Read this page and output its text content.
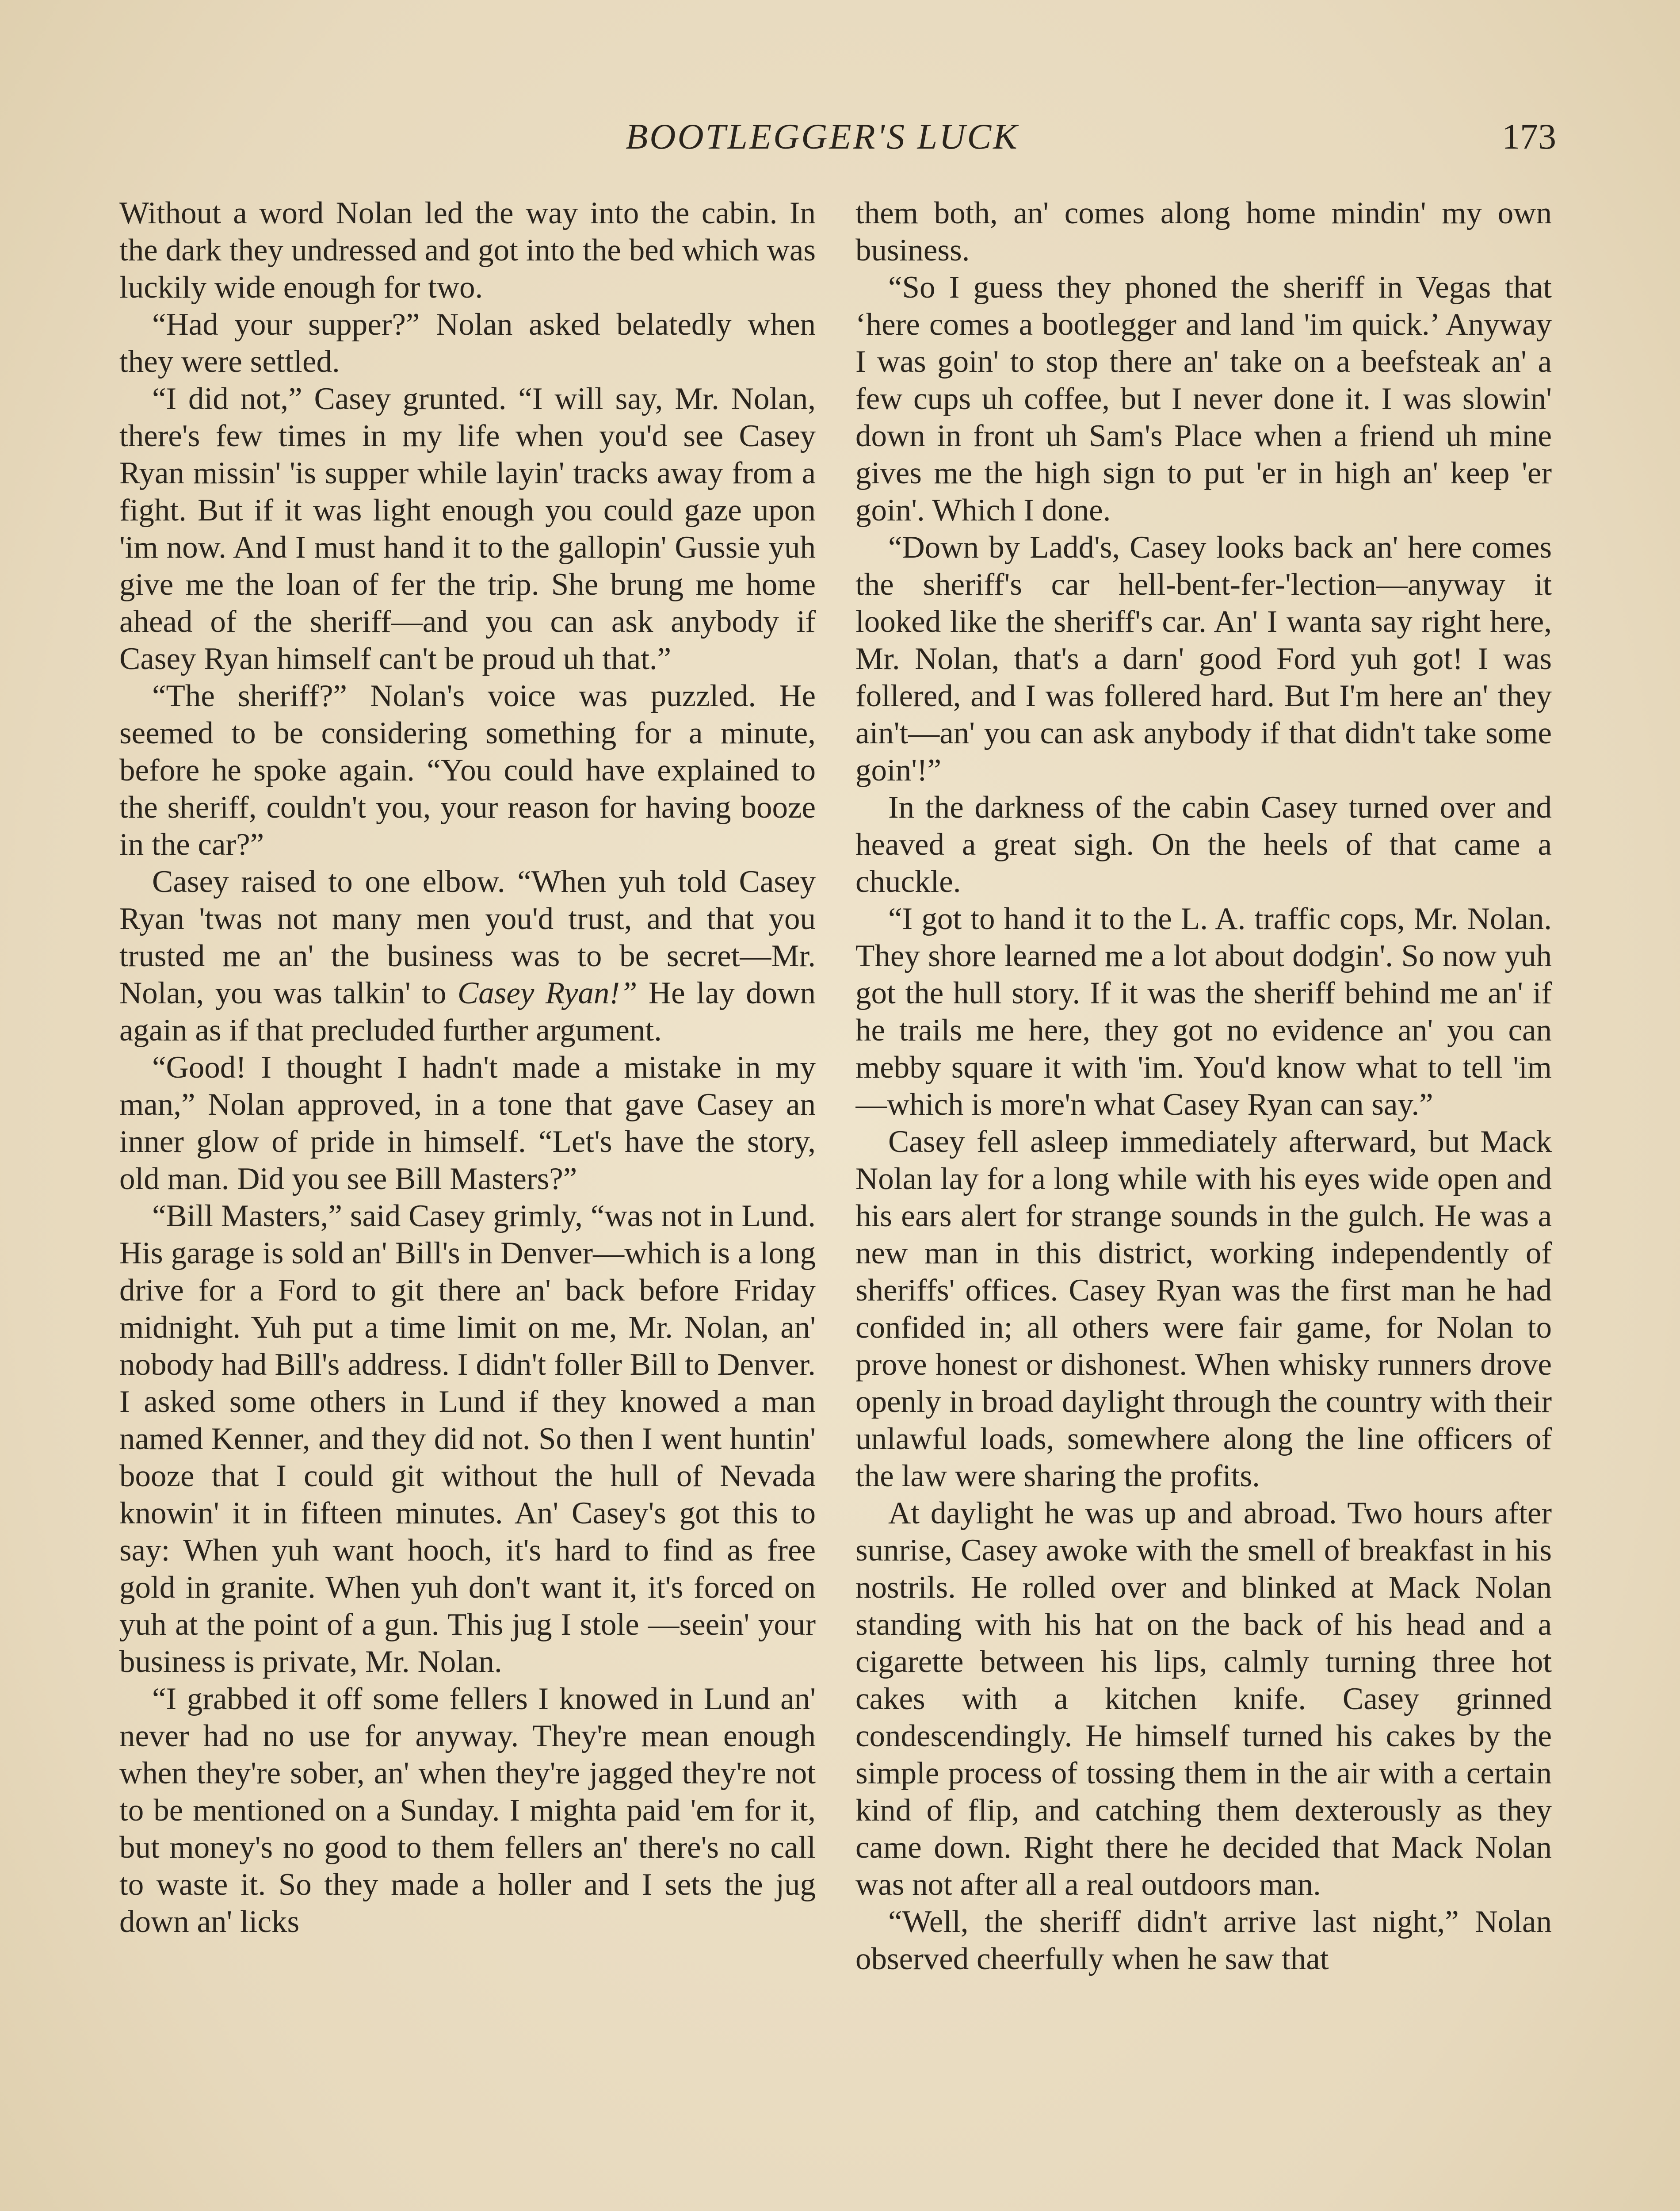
BOOTLEGGER'S LUCK	173

Without a word Nolan led the way into the cabin. In the dark they undressed and got into the bed which was luckily wide enough for two.

“Had your supper?” Nolan asked belatedly when they were settled.

“I did not,” Casey grunted. “I will say, Mr. Nolan, there's few times in my life when you'd see Casey Ryan missin' 'is supper while layin' tracks away from a fight. But if it was light enough you could gaze upon 'im now. And I must hand it to the gallopin' Gussie yuh give me the loan of fer the trip. She brung me home ahead of the sheriff—and you can ask anybody if Casey Ryan himself can't be proud uh that.”

“The sheriff?” Nolan's voice was puzzled. He seemed to be considering something for a minute, before he spoke again. “You could have explained to the sheriff, couldn't you, your reason for having booze in the car?”

Casey raised to one elbow. “When yuh told Casey Ryan 'twas not many men you'd trust, and that you trusted me an' the business was to be secret—Mr. Nolan, you was talkin' to Casey Ryan!” He lay down again as if that precluded further argument.

“Good! I thought I hadn't made a mistake in my man,” Nolan approved, in a tone that gave Casey an inner glow of pride in himself. “Let's have the story, old man. Did you see Bill Masters?”

“Bill Masters,” said Casey grimly, “was not in Lund. His garage is sold an' Bill's in Denver—which is a long drive for a Ford to git there an' back before Friday midnight. Yuh put a time limit on me, Mr. Nolan, an' nobody had Bill's address. I didn't foller Bill to Denver. I asked some others in Lund if they knowed a man named Kenner, and they did not. So then I went huntin' booze that I could git without the hull of Nevada knowin' it in fifteen minutes. An' Casey's got this to say: When yuh want hooch, it's hard to find as free gold in granite. When yuh don't want it, it's forced on yuh at the point of a gun. This jug I stole —seein' your business is private, Mr. Nolan.

“I grabbed it off some fellers I knowed in Lund an' never had no use for anyway. They're mean enough when they're sober, an' when they're jagged they're not to be mentioned on a Sunday. I mighta paid 'em for it, but money's no good to them fellers an' there's no call to waste it. So they made a holler and I sets the jug down an' licks

them both, an' comes along home mindin' my own business.

“So I guess they phoned the sheriff in Vegas that ‘here comes a bootlegger and land 'im quick.’ Anyway I was goin' to stop there an' take on a beefsteak an' a few cups uh coffee, but I never done it. I was slowin' down in front uh Sam's Place when a friend uh mine gives me the high sign to put 'er in high an' keep 'er goin'. Which I done.

“Down by Ladd's, Casey looks back an' here comes the sheriff's car hell-bent-fer-'lection—anyway it looked like the sheriff's car. An' I wanta say right here, Mr. Nolan, that's a darn' good Ford yuh got! I was follered, and I was follered hard. But I'm here an' they ain't—an' you can ask anybody if that didn't take some goin'!”

In the darkness of the cabin Casey turned over and heaved a great sigh. On the heels of that came a chuckle.

“I got to hand it to the L. A. traffic cops, Mr. Nolan. They shore learned me a lot about dodgin'. So now yuh got the hull story. If it was the sheriff behind me an' if he trails me here, they got no evidence an' you can mebby square it with 'im. You'd know what to tell 'im—which is more'n what Casey Ryan can say.”

Casey fell asleep immediately afterward, but Mack Nolan lay for a long while with his eyes wide open and his ears alert for strange sounds in the gulch. He was a new man in this district, working independently of sheriffs' offices. Casey Ryan was the first man he had confided in; all others were fair game, for Nolan to prove honest or dishonest. When whisky runners drove openly in broad daylight through the country with their unlawful loads, somewhere along the line officers of the law were sharing the profits.

At daylight he was up and abroad. Two hours after sunrise, Casey awoke with the smell of breakfast in his nostrils. He rolled over and blinked at Mack Nolan standing with his hat on the back of his head and a cigarette between his lips, calmly turning three hot cakes with a kitchen knife. Casey grinned condescendingly. He himself turned his cakes by the simple process of tossing them in the air with a certain kind of flip, and catching them dexterously as they came down. Right there he decided that Mack Nolan was not after all a real outdoors man.

“Well, the sheriff didn't arrive last night,” Nolan observed cheerfully when he saw that
